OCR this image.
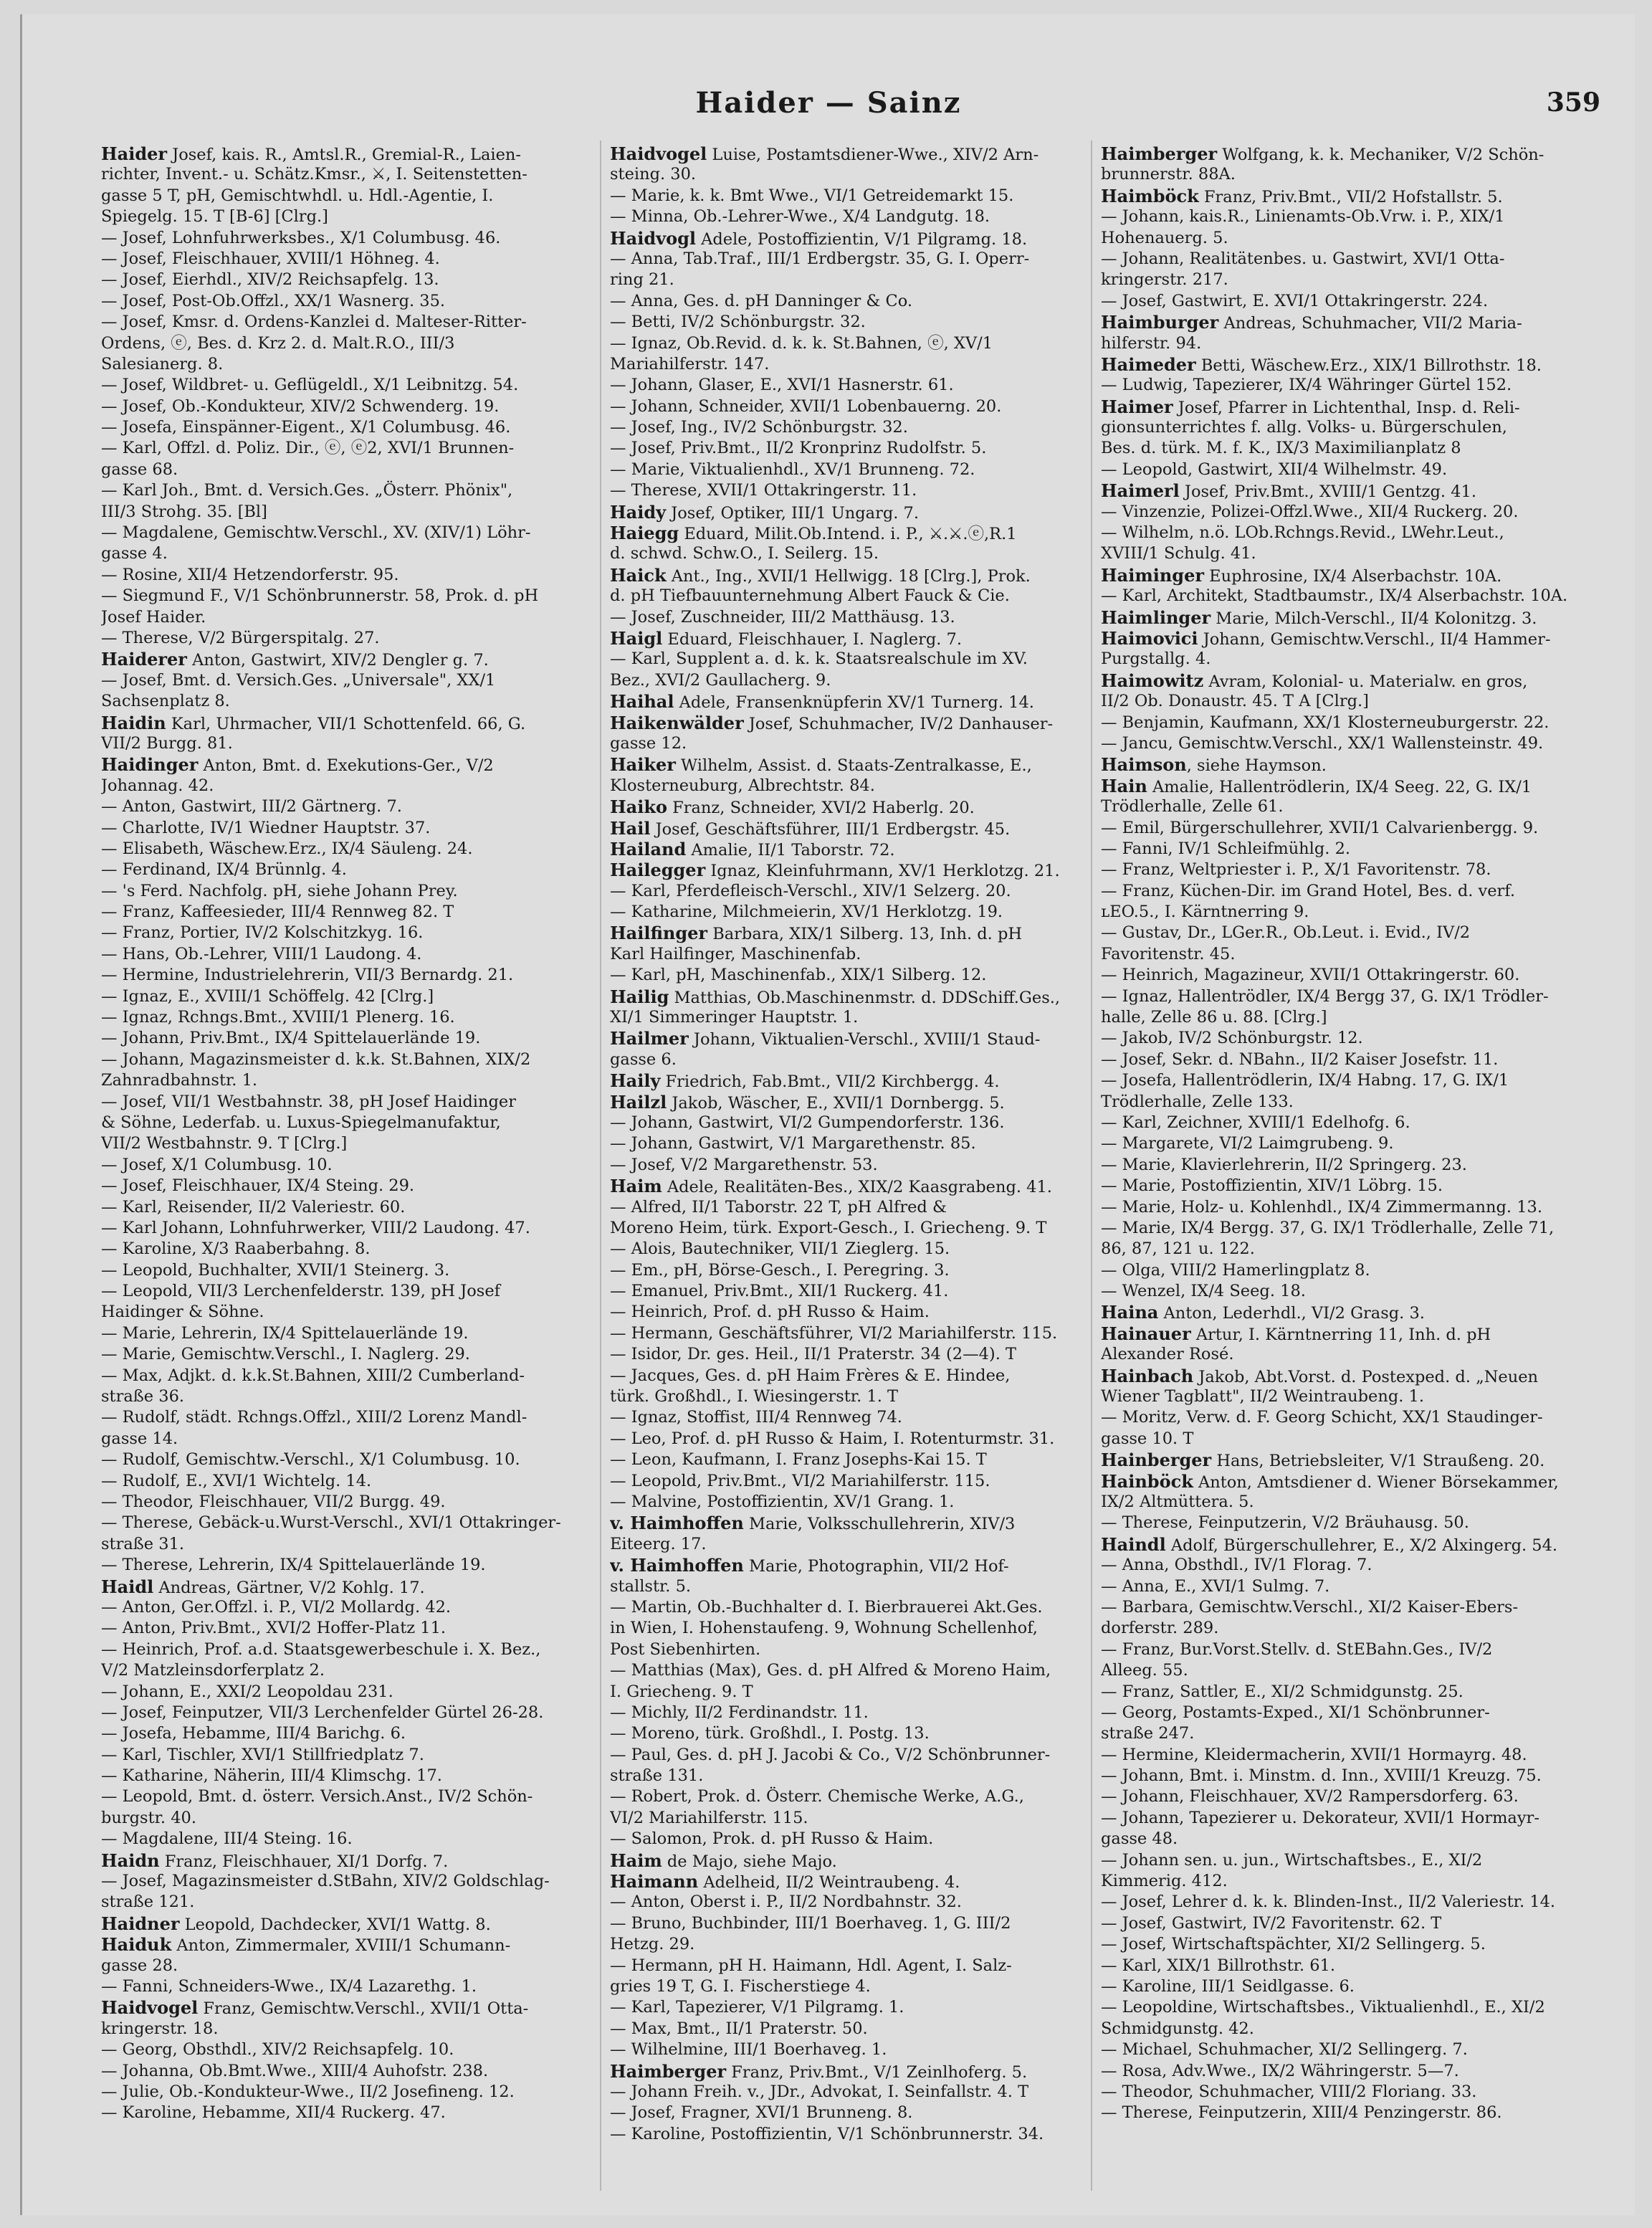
Haider — Sainz	359
Haider Josef, kais. R., Amtsl.R., Gremial-R., Laien-
richter, Invent.- u. Schätz.Kmsr., ⚔, I. Seitenstetten-
gasse 5 T, pH, Gemischtwhdl. u. Hdl.-Agentie, I.
Spiegelg. 15. T [B-6] [Clrg.]
— Josef, Lohnfuhrwerksbes., X/1 Columbusg. 46.
— Josef, Fleischhauer, XVIII/1 Höhneg. 4.
— Josef, Eierhdl., XIV/2 Reichsapfelg. 13.
— Josef, Post-Ob.Offzl., XX/1 Wasnerg. 35.
— Josef, Kmsr. d. Ordens-Kanzlei d. Malteser-Ritter-
Ordens, ⓔ, Bes. d. Krz 2. d. Malt.R.O., III/3
Salesianerg. 8.
— Josef, Wildbret- u. Geflügeldl., X/1 Leibnitzg. 54.
— Josef, Ob.-Kondukteur, XIV/2 Schwenderg. 19.
— Josefa, Einspänner-Eigent., X/1 Columbusg. 46.
— Karl, Offzl. d. Poliz. Dir., ⓔ, ⓔ2, XVI/1 Brunnen-
gasse 68.
— Karl Joh., Bmt. d. Versich.Ges. „Österr. Phönix",
III/3 Strohg. 35. [Bl]
— Magdalene, Gemischtw.Verschl., XV. (XIV/1) Löhr-
gasse 4.
— Rosine, XII/4 Hetzendorferstr. 95.
— Siegmund F., V/1 Schönbrunnerstr. 58, Prok. d. pH
Josef Haider.
— Therese, V/2 Bürgerspitalg. 27.
Haiderer Anton, Gastwirt, XIV/2 Dengler g. 7.
— Josef, Bmt. d. Versich.Ges. „Universale", XX/1
Sachsenplatz 8.
Haidin Karl, Uhrmacher, VII/1 Schottenfeld. 66, G.
VII/2 Burgg. 81.
Haidinger Anton, Bmt. d. Exekutions-Ger., V/2
Johannag. 42.
— Anton, Gastwirt, III/2 Gärtnerg. 7.
— Charlotte, IV/1 Wiedner Hauptstr. 37.
— Elisabeth, Wäschew.Erz., IX/4 Säuleng. 24.
— Ferdinand, IX/4 Brünnlg. 4.
— 's Ferd. Nachfolg. pH, siehe Johann Prey.
— Franz, Kaffeesieder, III/4 Rennweg 82. T
— Franz, Portier, IV/2 Kolschitzkyg. 16.
— Hans, Ob.-Lehrer, VIII/1 Laudong. 4.
— Hermine, Industrielehrerin, VII/3 Bernardg. 21.
— Ignaz, E., XVIII/1 Schöffelg. 42 [Clrg.]
— Ignaz, Rchngs.Bmt., XVIII/1 Plenerg. 16.
— Johann, Priv.Bmt., IX/4 Spittelauerlände 19.
— Johann, Magazinsmeister d. k.k. St.Bahnen, XIX/2
Zahnradbahnstr. 1.
— Josef, VII/1 Westbahnstr. 38, pH Josef Haidinger
& Söhne, Lederfab. u. Luxus-Spiegelmanufaktur,
VII/2 Westbahnstr. 9. T [Clrg.]
— Josef, X/1 Columbusg. 10.
— Josef, Fleischhauer, IX/4 Steing. 29.
— Karl, Reisender, II/2 Valeriestr. 60.
— Karl Johann, Lohnfuhrwerker, VIII/2 Laudong. 47.
— Karoline, X/3 Raaberbahng. 8.
— Leopold, Buchhalter, XVII/1 Steinerg. 3.
— Leopold, VII/3 Lerchenfelderstr. 139, pH Josef
Haidinger & Söhne.
— Marie, Lehrerin, IX/4 Spittelauerlände 19.
— Marie, Gemischtw.Verschl., I. Naglerg. 29.
— Max, Adjkt. d. k.k.St.Bahnen, XIII/2 Cumberland-
straße 36.
— Rudolf, städt. Rchngs.Offzl., XIII/2 Lorenz Mandl-
gasse 14.
— Rudolf, Gemischtw.-Verschl., X/1 Columbusg. 10.
— Rudolf, E., XVI/1 Wichtelg. 14.
— Theodor, Fleischhauer, VII/2 Burgg. 49.
— Therese, Gebäck-u.Wurst-Verschl., XVI/1 Ottakringer-
straße 31.
— Therese, Lehrerin, IX/4 Spittelauerlände 19.
Haidl Andreas, Gärtner, V/2 Kohlg. 17.
— Anton, Ger.Offzl. i. P., VI/2 Mollardg. 42.
— Anton, Priv.Bmt., XVI/2 Hoffer-Platz 11.
— Heinrich, Prof. a.d. Staatsgewerbeschule i. X. Bez.,
V/2 Matzleinsdorferplatz 2.
— Johann, E., XXI/2 Leopoldau 231.
— Josef, Feinputzer, VII/3 Lerchenfelder Gürtel 26-28.
— Josefa, Hebamme, III/4 Barichg. 6.
— Karl, Tischler, XVI/1 Stillfriedplatz 7.
— Katharine, Näherin, III/4 Klimschg. 17.
— Leopold, Bmt. d. österr. Versich.Anst., IV/2 Schön-
burgstr. 40.
— Magdalene, III/4 Steing. 16.
Haidn Franz, Fleischhauer, XI/1 Dorfg. 7.
— Josef, Magazinsmeister d.StBahn, XIV/2 Goldschlag-
straße 121.
Haidner Leopold, Dachdecker, XVI/1 Wattg. 8.
Haiduk Anton, Zimmermaler, XVIII/1 Schumann-
gasse 28.
— Fanni, Schneiders-Wwe., IX/4 Lazarethg. 1.
Haidvogel Franz, Gemischtw.Verschl., XVII/1 Otta-
kringerstr. 18.
— Georg, Obsthdl., XIV/2 Reichsapfelg. 10.
— Johanna, Ob.Bmt.Wwe., XIII/4 Auhofstr. 238.
— Julie, Ob.-Kondukteur-Wwe., II/2 Josefineng. 12.
— Karoline, Hebamme, XII/4 Ruckerg. 47.
Haidvogel Luise, Postamtsdiener-Wwe., XIV/2 Arn-
steing. 30.
— Marie, k. k. Bmt Wwe., VI/1 Getreidemarkt 15.
— Minna, Ob.-Lehrer-Wwe., X/4 Landgutg. 18.
Haidvogl Adele, Postoffizientin, V/1 Pilgramg. 18.
— Anna, Tab.Traf., III/1 Erdbergstr. 35, G. I. Operr-
ring 21.
— Anna, Ges. d. pH Danninger & Co.
— Betti, IV/2 Schönburgstr. 32.
— Ignaz, Ob.Revid. d. k. k. St.Bahnen, ⓔ, XV/1
Mariahilferstr. 147.
— Johann, Glaser, E., XVI/1 Hasnerstr. 61.
— Johann, Schneider, XVII/1 Lobenbauerng. 20.
— Josef, Ing., IV/2 Schönburgstr. 32.
— Josef, Priv.Bmt., II/2 Kronprinz Rudolfstr. 5.
— Marie, Viktualienhdl., XV/1 Brunneng. 72.
— Therese, XVII/1 Ottakringerstr. 11.
Haidy Josef, Optiker, III/1 Ungarg. 7.
Haiegg Eduard, Milit.Ob.Intend. i. P., ⚔.⚔.ⓔ,R.1
d. schwd. Schw.O., I. Seilerg. 15.
Haick Ant., Ing., XVII/1 Hellwigg. 18 [Clrg.], Prok.
d. pH Tiefbauunternehmung Albert Fauck & Cie.
— Josef, Zuschneider, III/2 Matthäusg. 13.
Haigl Eduard, Fleischhauer, I. Naglerg. 7.
— Karl, Supplent a. d. k. k. Staatsrealschule im XV.
Bez., XVI/2 Gaullacherg. 9.
Haihal Adele, Fransenknüpferin XV/1 Turnerg. 14.
Haikenwälder Josef, Schuhmacher, IV/2 Danhauser-
gasse 12.
Haiker Wilhelm, Assist. d. Staats-Zentralkasse, E.,
Klosterneuburg, Albrechtstr. 84.
Haiko Franz, Schneider, XVI/2 Haberlg. 20.
Hail Josef, Geschäftsführer, III/1 Erdbergstr. 45.
Hailand Amalie, II/1 Taborstr. 72.
Hailegger Ignaz, Kleinfuhrmann, XV/1 Herklotzg. 21.
— Karl, Pferdefleisch-Verschl., XIV/1 Selzerg. 20.
— Katharine, Milchmeierin, XV/1 Herklotzg. 19.
Hailfinger Barbara, XIX/1 Silberg. 13, Inh. d. pH
Karl Hailfinger, Maschinenfab.
— Karl, pH, Maschinenfab., XIX/1 Silberg. 12.
Hailig Matthias, Ob.Maschinenmstr. d. DDSchiff.Ges.,
XI/1 Simmeringer Hauptstr. 1.
Hailmer Johann, Viktualien-Verschl., XVIII/1 Staud-
gasse 6.
Haily Friedrich, Fab.Bmt., VII/2 Kirchbergg. 4.
Hailzl Jakob, Wäscher, E., XVII/1 Dornbergg. 5.
— Johann, Gastwirt, VI/2 Gumpendorferstr. 136.
— Johann, Gastwirt, V/1 Margarethenstr. 85.
— Josef, V/2 Margarethenstr. 53.
Haim Adele, Realitäten-Bes., XIX/2 Kaasgrabeng. 41.
— Alfred, II/1 Taborstr. 22 T, pH Alfred &
Moreno Heim, türk. Export-Gesch., I. Griecheng. 9. T
— Alois, Bautechniker, VII/1 Zieglerg. 15.
— Em., pH, Börse-Gesch., I. Peregring. 3.
— Emanuel, Priv.Bmt., XII/1 Ruckerg. 41.
— Heinrich, Prof. d. pH Russo & Haim.
— Hermann, Geschäftsführer, VI/2 Mariahilferstr. 115.
— Isidor, Dr. ges. Heil., II/1 Praterstr. 34 (2—4). T
— Jacques, Ges. d. pH Haim Frères & E. Hindee,
türk. Großhdl., I. Wiesingerstr. 1. T
— Ignaz, Stoffist, III/4 Rennweg 74.
— Leo, Prof. d. pH Russo & Haim, I. Rotenturmstr. 31.
— Leon, Kaufmann, I. Franz Josephs-Kai 15. T
— Leopold, Priv.Bmt., VI/2 Mariahilferstr. 115.
— Malvine, Postoffizientin, XV/1 Grang. 1.
v. Haimhoffen Marie, Volksschullehrerin, XIV/3
Eiteerg. 17.
v. Haimhoffen Marie, Photographin, VII/2 Hof-
stallstr. 5.
— Martin, Ob.-Buchhalter d. I. Bierbrauerei Akt.Ges.
in Wien, I. Hohenstaufeng. 9, Wohnung Schellenhof,
Post Siebenhirten.
— Matthias (Max), Ges. d. pH Alfred & Moreno Haim,
I. Griecheng. 9. T
— Michly, II/2 Ferdinandstr. 11.
— Moreno, türk. Großhdl., I. Postg. 13.
— Paul, Ges. d. pH J. Jacobi & Co., V/2 Schönbrunner-
straße 131.
— Robert, Prok. d. Österr. Chemische Werke, A.G.,
VI/2 Mariahilferstr. 115.
— Salomon, Prok. d. pH Russo & Haim.
Haim de Majo, siehe Majo.
Haimann Adelheid, II/2 Weintraubeng. 4.
— Anton, Oberst i. P., II/2 Nordbahnstr. 32.
— Bruno, Buchbinder, III/1 Boerhaveg. 1, G. III/2
Hetzg. 29.
— Hermann, pH H. Haimann, Hdl. Agent, I. Salz-
gries 19 T, G. I. Fischerstiege 4.
— Karl, Tapezierer, V/1 Pilgramg. 1.
— Max, Bmt., II/1 Praterstr. 50.
— Wilhelmine, III/1 Boerhaveg. 1.
Haimberger Franz, Priv.Bmt., V/1 Zeinlhoferg. 5.
— Johann Freih. v., JDr., Advokat, I. Seinfallstr. 4. T
— Josef, Fragner, XVI/1 Brunneng. 8.
— Karoline, Postoffizientin, V/1 Schönbrunnerstr. 34.
Haimberger Wolfgang, k. k. Mechaniker, V/2 Schön-
brunnerstr. 88A.
Haimböck Franz, Priv.Bmt., VII/2 Hofstallstr. 5.
— Johann, kais.R., Linienamts-Ob.Vrw. i. P., XIX/1
Hohenauerg. 5.
— Johann, Realitätenbes. u. Gastwirt, XVI/1 Otta-
kringerstr. 217.
— Josef, Gastwirt, E. XVI/1 Ottakringerstr. 224.
Haimburger Andreas, Schuhmacher, VII/2 Maria-
hilferstr. 94.
Haimeder Betti, Wäschew.Erz., XIX/1 Billrothstr. 18.
— Ludwig, Tapezierer, IX/4 Währinger Gürtel 152.
Haimer Josef, Pfarrer in Lichtenthal, Insp. d. Reli-
gionsunterrichtes f. allg. Volks- u. Bürgerschulen,
Bes. d. türk. M. f. K., IX/3 Maximilianplatz 8
— Leopold, Gastwirt, XII/4 Wilhelmstr. 49.
Haimerl Josef, Priv.Bmt., XVIII/1 Gentzg. 41.
— Vinzenzie, Polizei-Offzl.Wwe., XII/4 Ruckerg. 20.
— Wilhelm, n.ö. LOb.Rchngs.Revid., LWehr.Leut.,
XVIII/1 Schulg. 41.
Haiminger Euphrosine, IX/4 Alserbachstr. 10A.
— Karl, Architekt, Stadtbaumstr., IX/4 Alserbachstr. 10A.
Haimlinger Marie, Milch-Verschl., II/4 Kolonitzg. 3.
Haimovici Johann, Gemischtw.Verschl., II/4 Hammer-
Purgstallg. 4.
Haimowitz Avram, Kolonial- u. Materialw. en gros,
II/2 Ob. Donaustr. 45. T A [Clrg.]
— Benjamin, Kaufmann, XX/1 Klosterneuburgerstr. 22.
— Jancu, Gemischtw.Verschl., XX/1 Wallensteinstr. 49.
Haimson, siehe Haymson.
Hain Amalie, Hallentrödlerin, IX/4 Seeg. 22, G. IX/1
Trödlerhalle, Zelle 61.
— Emil, Bürgerschullehrer, XVII/1 Calvarienbergg. 9.
— Fanni, IV/1 Schleifmühlg. 2.
— Franz, Weltpriester i. P., X/1 Favoritenstr. 78.
— Franz, Küchen-Dir. im Grand Hotel, Bes. d. verf.
ʟEO.5., I. Kärntnerring 9.
— Gustav, Dr., LGer.R., Ob.Leut. i. Evid., IV/2
Favoritenstr. 45.
— Heinrich, Magazineur, XVII/1 Ottakringerstr. 60.
— Ignaz, Hallentrödler, IX/4 Bergg 37, G. IX/1 Trödler-
halle, Zelle 86 u. 88. [Clrg.]
— Jakob, IV/2 Schönburgstr. 12.
— Josef, Sekr. d. NBahn., II/2 Kaiser Josefstr. 11.
— Josefa, Hallentrödlerin, IX/4 Habng. 17, G. IX/1
Trödlerhalle, Zelle 133.
— Karl, Zeichner, XVIII/1 Edelhofg. 6.
— Margarete, VI/2 Laimgrubeng. 9.
— Marie, Klavierlehrerin, II/2 Springerg. 23.
— Marie, Postoffizientin, XIV/1 Löbrg. 15.
— Marie, Holz- u. Kohlenhdl., IX/4 Zimmermanng. 13.
— Marie, IX/4 Bergg. 37, G. IX/1 Trödlerhalle, Zelle 71,
86, 87, 121 u. 122.
— Olga, VIII/2 Hamerlingplatz 8.
— Wenzel, IX/4 Seeg. 18.
Haina Anton, Lederhdl., VI/2 Grasg. 3.
Hainauer Artur, I. Kärntnerring 11, Inh. d. pH
Alexander Rosé.
Hainbach Jakob, Abt.Vorst. d. Postexped. d. „Neuen
Wiener Tagblatt", II/2 Weintraubeng. 1.
— Moritz, Verw. d. F. Georg Schicht, XX/1 Staudinger-
gasse 10. T
Hainberger Hans, Betriebsleiter, V/1 Straußeng. 20.
Hainböck Anton, Amtsdiener d. Wiener Börsekammer,
IX/2 Altmüttera. 5.
— Therese, Feinputzerin, V/2 Bräuhausg. 50.
Haindl Adolf, Bürgerschullehrer, E., X/2 Alxingerg. 54.
— Anna, Obsthdl., IV/1 Florag. 7.
— Anna, E., XVI/1 Sulmg. 7.
— Barbara, Gemischtw.Verschl., XI/2 Kaiser-Ebers-
dorferstr. 289.
— Franz, Bur.Vorst.Stellv. d. StEBahn.Ges., IV/2
Alleeg. 55.
— Franz, Sattler, E., XI/2 Schmidgunstg. 25.
— Georg, Postamts-Exped., XI/1 Schönbrunner-
straße 247.
— Hermine, Kleidermacherin, XVII/1 Hormayrg. 48.
— Johann, Bmt. i. Minstm. d. Inn., XVIII/1 Kreuzg. 75.
— Johann, Fleischhauer, XV/2 Rampersdorferg. 63.
— Johann, Tapezierer u. Dekorateur, XVII/1 Hormayr-
gasse 48.
— Johann sen. u. jun., Wirtschaftsbes., E., XI/2
Kimmerig. 412.
— Josef, Lehrer d. k. k. Blinden-Inst., II/2 Valeriestr. 14.
— Josef, Gastwirt, IV/2 Favoritenstr. 62. T
— Josef, Wirtschaftspächter, XI/2 Sellingerg. 5.
— Karl, XIX/1 Billrothstr. 61.
— Karoline, III/1 Seidlgasse. 6.
— Leopoldine, Wirtschaftsbes., Viktualienhdl., E., XI/2
Schmidgunstg. 42.
— Michael, Schuhmacher, XI/2 Sellingerg. 7.
— Rosa, Adv.Wwe., IX/2 Währingerstr. 5—7.
— Theodor, Schuhmacher, VIII/2 Floriang. 33.
— Therese, Feinputzerin, XIII/4 Penzingerstr. 86.
